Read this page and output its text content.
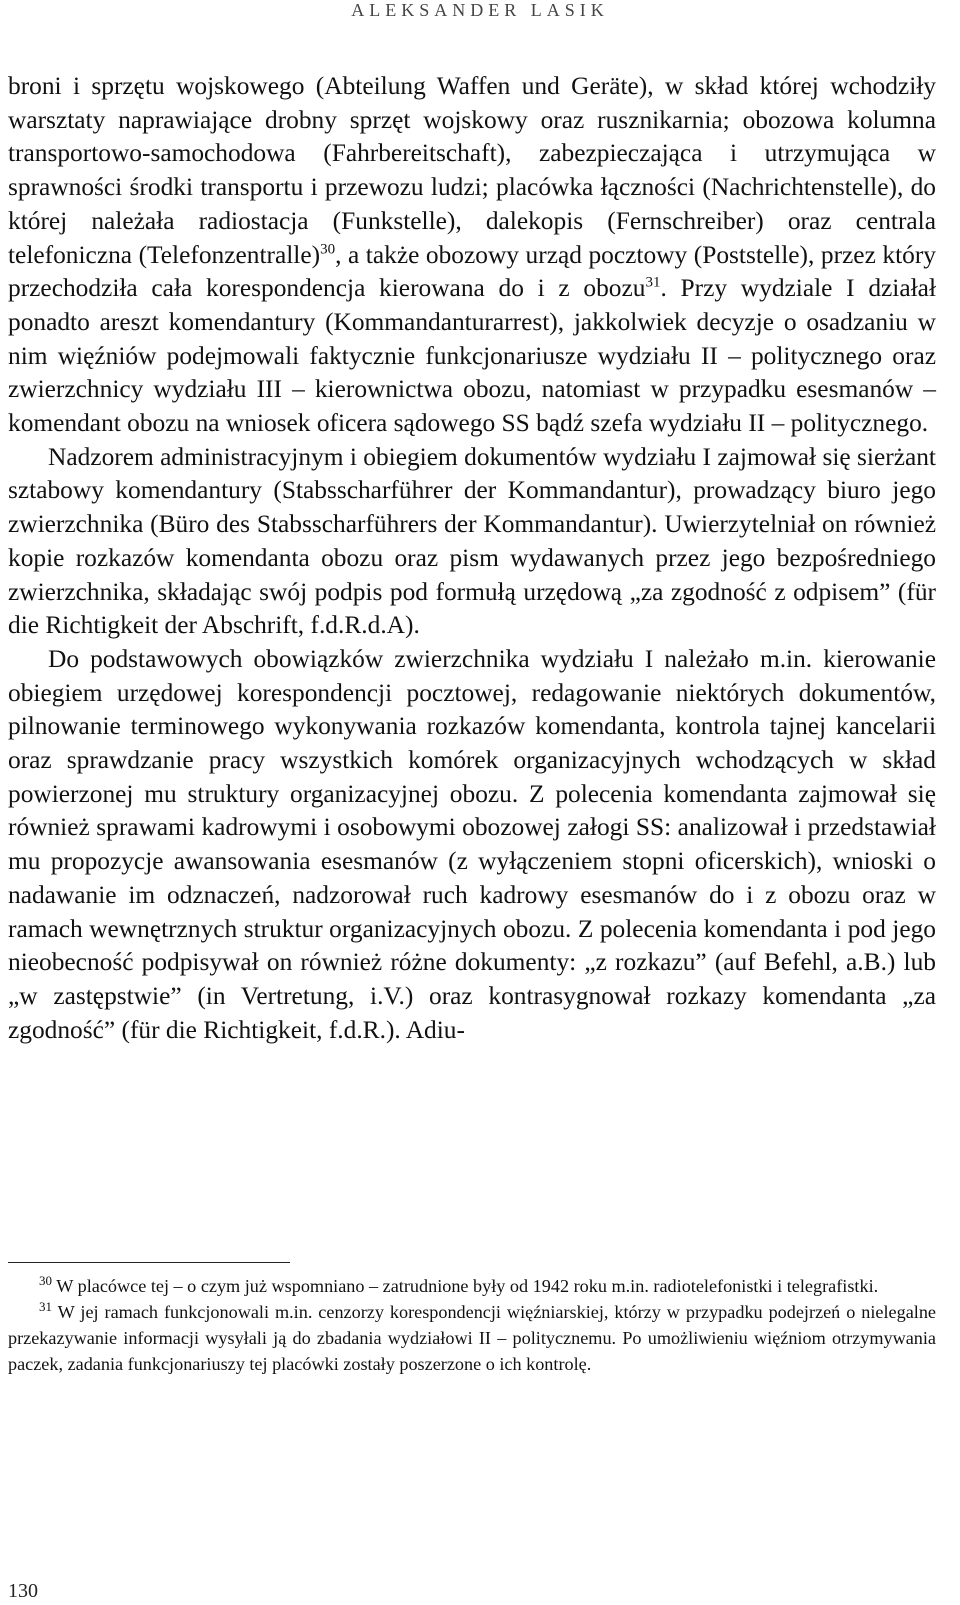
ALEKSANDER LASIK

broni i sprzętu wojskowego (Abteilung Waffen und Geräte), w skład której wchodziły warsztaty naprawiające drobny sprzęt wojskowy oraz rusznikarnia; obozowa kolumna transportowo-samochodowa (Fahrbereitschaft), zabezpieczająca i utrzymująca w sprawności środki transportu i przewozu ludzi; placówka łączności (Nachrichtenstelle), do której należała radiostacja (Funkstelle), dalekopis (Fernschreiber) oraz centrala telefoniczna (Telefonzentralle)$^{30}$, a także obozowy urząd pocztowy (Poststelle), przez który przechodziła cała korespondencja kierowana do i z obozu$^{31}$. Przy wydziale I działał ponadto areszt komendantury (Kommandanturarrest), jakkolwiek decyzje o osadzaniu w nim więźniów podejmowali faktycznie funkcjonariusze wydziału II – politycznego oraz zwierzchnicy wydziału III – kierownictwa obozu, natomiast w przypadku esesmanów – komendant obozu na wniosek oficera sądowego SS bądź szefa wydziału II – politycznego.

Nadzorem administracyjnym i obiegiem dokumentów wydziału I zajmował się sierżant sztabowy komendantury (Stabsscharführer der Kommandantur), prowadzący biuro jego zwierzchnika (Büro des Stabsscharführers der Kommandantur). Uwierzytelniał on również kopie rozkazów komendanta obozu oraz pism wydawanych przez jego bezpośredniego zwierzchnika, składając swój podpis pod formułą urzędową „za zgodność z odpisem” (für die Richtigkeit der Abschrift, f.d.R.d.A).

Do podstawowych obowiązków zwierzchnika wydziału I należało m.in. kierowanie obiegiem urzędowej korespondencji pocztowej, redagowanie niektórych dokumentów, pilnowanie terminowego wykonywania rozkazów komendanta, kontrola tajnej kancelarii oraz sprawdzanie pracy wszystkich komórek organizacyjnych wchodzących w skład powierzonej mu struktury organizacyjnej obozu. Z polecenia komendanta zajmował się również sprawami kadrowymi i osobowymi obozowej załogi SS: analizował i przedstawiał mu propozycje awansowania esesmanów (z wyłączeniem stopni oficerskich), wnioski o nadawanie im odznaczeń, nadzorował ruch kadrowy esesmanów do i z obozu oraz w ramach wewnętrznych struktur organizacyjnych obozu. Z polecenia komendanta i pod jego nieobecność podpisywał on również różne dokumenty: „z rozkazu” (auf Befehl, a.B.) lub „w zastępstwie” (in Vertretung, i.V.) oraz kontrasygnował rozkazy komendanta „za zgodność” (für die Richtigkeit, f.d.R.). Adiu-

$^{30}$ W placówce tej – o czym już wspomniano – zatrudnione były od 1942 roku m.in. radiotelefonistki i telegrafistki.

$^{31}$ W jej ramach funkcjonowali m.in. cenzorzy korespondencji więźniarskiej, którzy w przypadku podejrzeń o nielegalne przekazywanie informacji wysyłali ją do zbadania wydziałowi II – politycznemu. Po umożliwieniu więźniom otrzymywania paczek, zadania funkcjonariuszy tej placówki zostały poszerzone o ich kontrolę.

130
